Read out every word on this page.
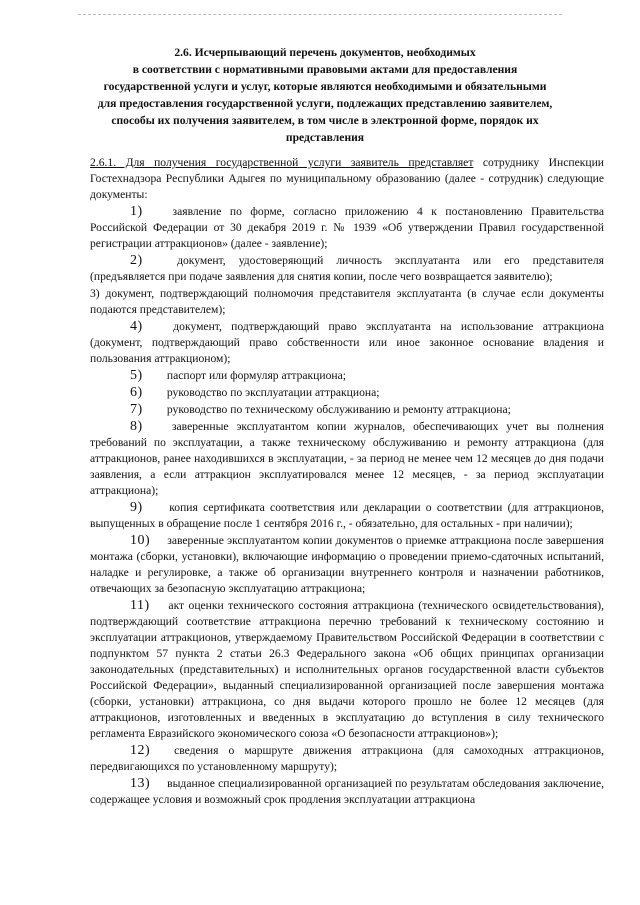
2.6. Исчерпывающий перечень документов, необходимых
в соответствии с нормативными правовыми актами для предоставления
государственной услуги и услуг, которые являются необходимыми и обязательными
для предоставления государственной услуги, подлежащих представлению заявителем,
способы их получения заявителем, в том числе в электронной форме, порядок их
представления

2.6.1. Для получения государственной услуги заявитель представляет сотруднику Инспекции Гостехнадзора Республики Адыгея по муниципальному образованию (далее - сотрудник) следующие документы:

1)	заявление по форме, согласно приложению 4 к постановлению Правительства Российской Федерации от 30 декабря 2019 г. № 1939 «Об утверждении Правил государственной регистрации аттракционов» (далее - заявление);

2)	документ, удостоверяющий личность эксплуатанта или его представителя (предъявляется при подаче заявления для снятия копии, после чего возвращается заявителю);

3) документ, подтверждающий полномочия представителя эксплуатанта (в случае если документы подаются представителем);

4)	документ, подтверждающий право эксплуатанта на использование аттракциона (документ, подтверждающий право собственности или иное законное основание владения и пользования аттракционом);

5) паспорт или формуляр аттракциона;

6) руководство по эксплуатации аттракциона;

7) руководство по техническому обслуживанию и ремонту аттракциона;

8)	заверенные эксплуатантом копии журналов, обеспечивающих учет вы полнения требований по эксплуатации, а также техническому обслуживанию и ремонту аттракциона (для аттракционов, ранее находившихся в эксплуатации, - за период не менее чем 12 месяцев до дня подачи заявления, а если аттракцион эксплуатировался менее 12 месяцев, - за период эксплуатации аттракциона);

9) копия сертификата соответствия или декларации о соответствии (для аттракционов, выпущенных в обращение после 1 сентября 2016 г., - обязательно, для остальных - при наличии);

10) заверенные эксплуатантом копии документов о приемке аттракциона после завершения монтажа (сборки, установки), включающие информацию о проведении приемо-сдаточных испытаний, наладке и регулировке, а также об организации внутреннего контроля и назначении работников, отвечающих за безопасную эксплуатацию аттракциона;

11) акт оценки технического состояния аттракциона (технического освидетельствования), подтверждающий соответствие аттракциона перечню требований к техническому состоянию и эксплуатации аттракционов, утверждаемому Правительством Российской Федерации в соответствии с подпунктом 57 пункта 2 статьи 26.3 Федерального закона «Об общих принципах организации законодательных (представительных) и исполнительных органов государственной власти субъектов Российской Федерации», выданный специализированной организацией после завершения монтажа (сборки, установки) аттракциона, со дня выдачи которого прошло не более 12 месяцев (для аттракционов, изготовленных и введенных в эксплуатацию до вступления в силу технического регламента Евразийского экономического союза «О безопасности аттракционов»);

12) сведения о маршруте движения аттракциона (для самоходных аттракционов, передвигающихся по установленному маршруту);

13) выданное специализированной организацией по результатам обследования заключение, содержащее условия и возможный срок продления эксплуатации аттракциона
